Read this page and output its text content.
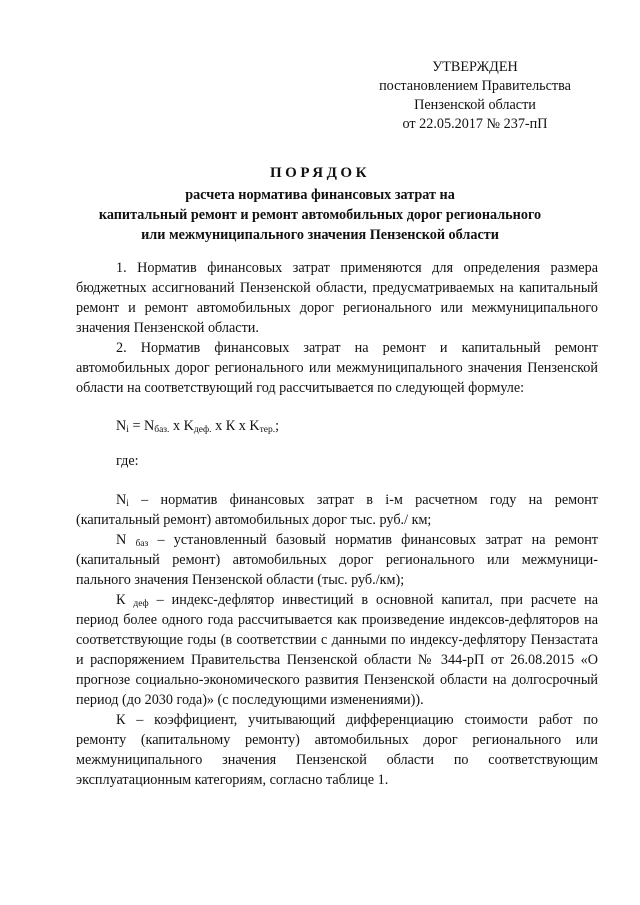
УТВЕРЖДЕН
постановлением Правительства
Пензенской области
от 22.05.2017 № 237-пП
ПОРЯДОК
расчета норматива финансовых затрат на
капитальный ремонт и ремонт автомобильных дорог регионального
или межмуниципального значения Пензенской области

1. Норматив финансовых затрат применяются для определения размера бюджетных ассигнований Пензенской области, предусматриваемых на капитальный ремонт и ремонт автомобильных дорог регионального или межмуниципального значения Пензенской области.

2. Норматив финансовых затрат на ремонт и капитальный ремонт автомобильных дорог регионального или межмуниципального значения Пензенской области на соответствующий год рассчитывается по следующей формуле:

$N_i = N_{баз.}$ х $K_{деф.}$ х К х $K_{тер.}$;

где:

$N_i$ – норматив финансовых затрат в i-м расчетном году на ремонт (капитальный ремонт) автомобильных дорог тыс. руб./ км;

N $_{баз}$ – установленный базовый норматив финансовых затрат на ремонт (капитальный ремонт) автомобильных дорог регионального или межмуници-пального значения Пензенской области (тыс. руб./км);

К $_{деф}$ – индекс-дефлятор инвестиций в основной капитал, при расчете на период более одного года рассчитывается как произведение индексов-дефляторов на соответствующие годы (в соответствии с данными по индексу-дефлятору Пензастата и распоряжением Правительства Пензенской области № 344-рП от 26.08.2015 «О прогнозе социально-экономического развития Пензенской области на долгосрочный период (до 2030 года)» (с последующими изменениями)).

К – коэффициент, учитывающий дифференциацию стоимости работ по ремонту (капитальному ремонту) автомобильных дорог регионального или межмуниципального значения Пензенской области по соответствующим эксплуатационным категориям, согласно таблице 1.
